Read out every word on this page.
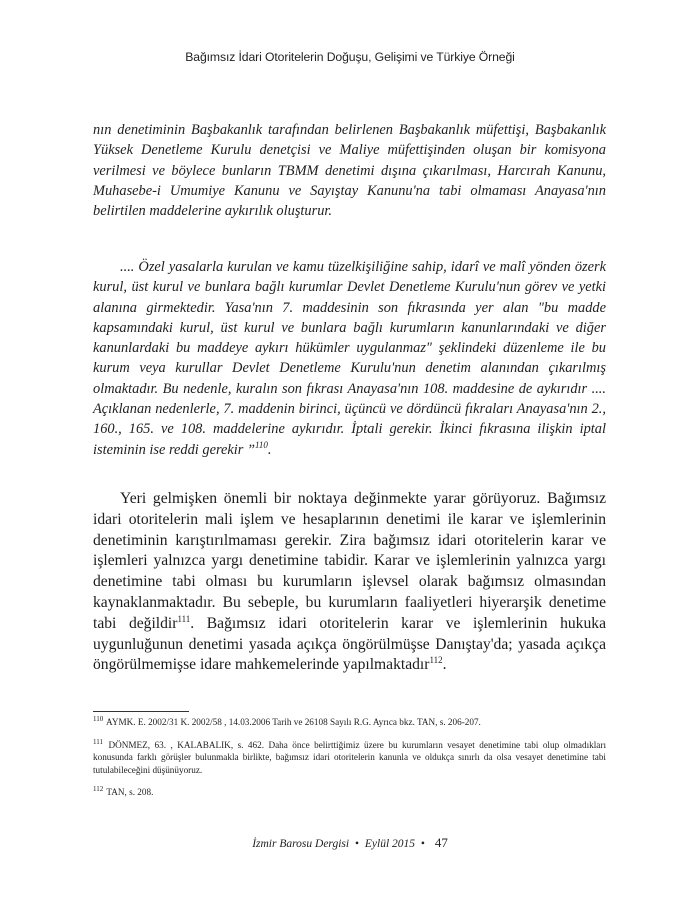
Bağımsız İdari Otoritelerin Doğuşu, Gelişimi ve Türkiye Örneği

nın denetiminin Başbakanlık tarafından belirlenen Başbakanlık müfettişi, Başbakanlık Yüksek Denetleme Kurulu denetçisi ve Maliye müfettişinden oluşan bir komisyona verilmesi ve böylece bunların TBMM denetimi dışına çıkarılması, Harcırah Kanunu, Muhasebe-i Umumiye Kanunu ve Sayıştay Kanunu'na tabi olmaması Anayasa'nın belirtilen maddelerine aykırılık oluşturur.

.... Özel yasalarla kurulan ve kamu tüzelkişiliğine sahip, idarî ve malî yönden özerk kurul, üst kurul ve bunlara bağlı kurumlar Devlet Denetleme Kurulu'nun görev ve yetki alanına girmektedir. Yasa'nın 7. maddesinin son fıkrasında yer alan "bu madde kapsamındaki kurul, üst kurul ve bunlara bağlı kurumların kanunlarındaki ve diğer kanunlardaki bu maddeye aykırı hükümler uygulanmaz" şeklindeki düzenleme ile bu kurum veya kurullar Devlet Denetleme Kurulu'nun denetim alanından çıkarılmış olmaktadır. Bu nedenle, kuralın son fıkrası Anayasa'nın 108. maddesine de aykırıdır .... Açıklanan nedenlerle, 7. maddenin birinci, üçüncü ve dördüncü fıkraları Anayasa'nın 2., 160., 165. ve 108. maddelerine aykırıdır. İptali gerekir. İkinci fıkrasına ilişkin iptal isteminin ise reddi gerekir ”$^{110}$.

Yeri gelmişken önemli bir noktaya değinmekte yarar görüyoruz. Bağımsız idari otoritelerin mali işlem ve hesaplarının denetimi ile karar ve işlemlerinin denetiminin karıştırılmaması gerekir. Zira bağımsız idari otoritelerin karar ve işlemleri yalnızca yargı denetimine tabidir. Karar ve işlemlerinin yalnızca yargı denetimine tabi olması bu kurumların işlevsel olarak bağımsız olmasından kaynaklanmaktadır. Bu sebeple, bu kurumların faaliyetleri hiyerarşik denetime tabi değildir$^{111}$. Bağımsız idari otoritelerin karar ve işlemlerinin hukuka uygunluğunun denetimi yasada açıkça öngörülmüşse Danıştay'da; yasada açıkça öngörülmemişse idare mahkemelerinde yapılmaktadır$^{112}$.

$^{110}$ AYMK. E. 2002/31 K. 2002/58 , 14.03.2006 Tarih ve 26108 Sayılı R.G. Ayrıca bkz. TAN, s. 206-207.

$^{111}$ DÖNMEZ, 63. , KALABALIK, s. 462. Daha önce belirttiğimiz üzere bu kurumların vesayet denetimine tabi olup olmadıkları konusunda farklı görüşler bulunmakla birlikte, bağımsız idari otoritelerin kanunla ve oldukça sınırlı da olsa vesayet denetimine tabi tutulabileceğini düşünüyoruz.

$^{112}$ TAN, s. 208.

İzmir Barosu Dergisi • Eylül 2015 • 47
